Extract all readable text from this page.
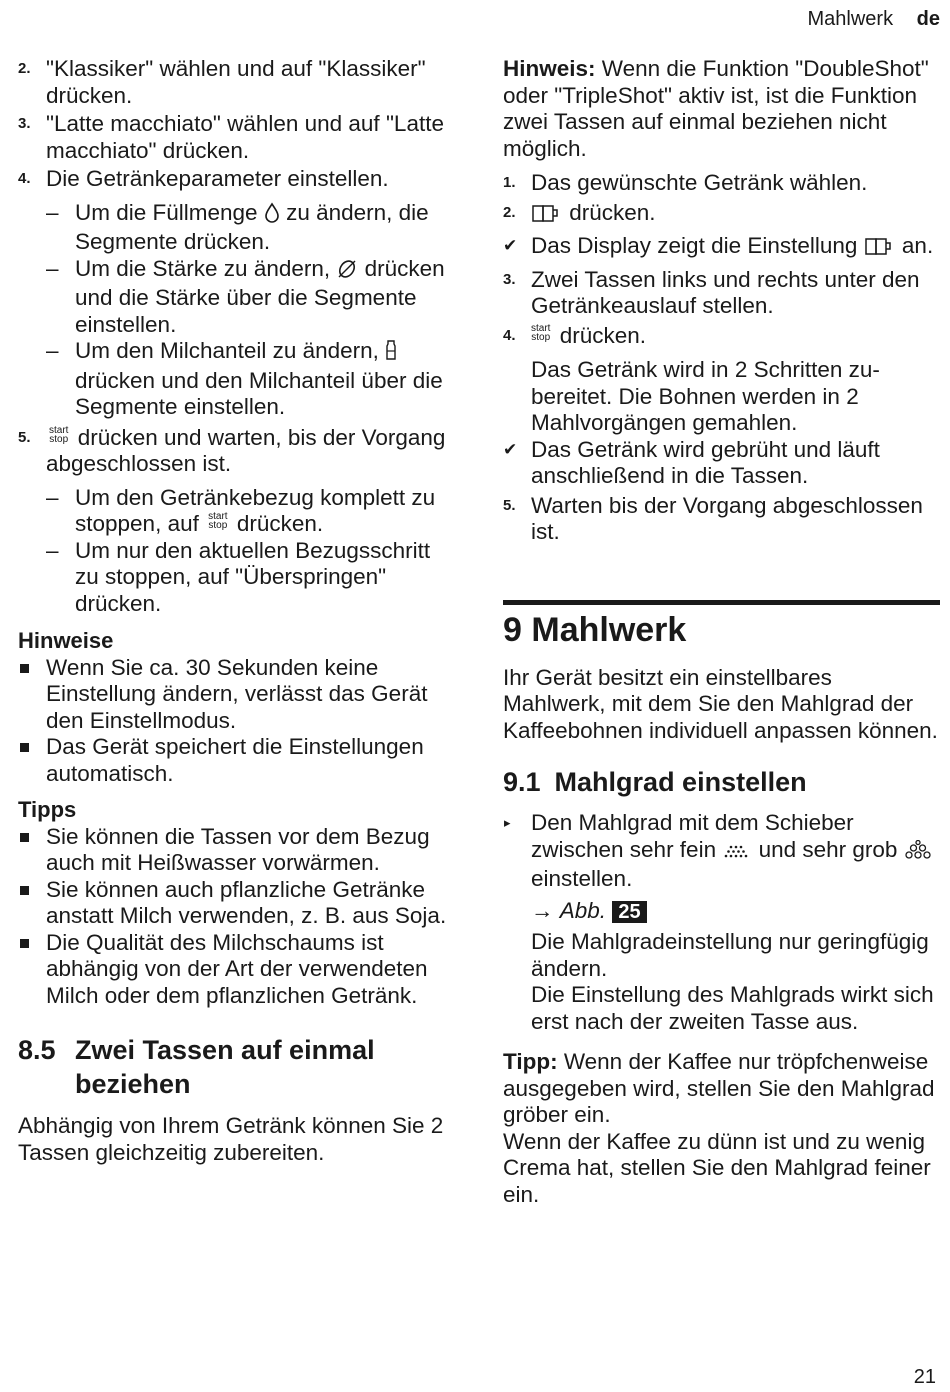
Mahlwerk de
2. "Klassiker" wählen und auf "Klassiker" drücken.
3. "Latte macchiato" wählen und auf "Latte macchiato" drücken.
4. Die Getränkeparameter einstellen.
– Um die Füllmenge  zu ändern, die Segmente drücken.
– Um die Stärke zu ändern,  drücken und die Stärke über die Segmente einstellen.
– Um den Milchanteil zu ändern,  drücken und den Milchanteil über die Segmente einstellen.
5. start
stop drücken und warten, bis der Vorgang abgeschlossen ist.
– Um den Getränkebezug komplett zu stoppen, auf start
stop drücken.
– Um nur den aktuellen Bezugsschritt zu stoppen, auf "Überspringen" drücken.
Hinweise
Wenn Sie ca. 30 Sekunden keine Einstellung ändern, verlässt das Gerät den Einstellmodus.
Das Gerät speichert die Einstellungen automatisch.
Tipps
Sie können die Tassen vor dem Bezug auch mit Heißwasser vorwärmen.
Sie können auch pflanzliche Getränke anstatt Milch verwenden, z. B. aus Soja.
Die Qualität des Milchschaums ist abhängig von der Art der verwendeten Milch oder dem pflanzlichen Getränk.
8.5 Zwei Tassen auf einmal beziehen
Abhängig von Ihrem Getränk können Sie 2 Tassen gleichzeitig zubereiten.
Hinweis: Wenn die Funktion "DoubleShot" oder "TripleShot" aktiv ist, ist die Funktion zwei Tassen auf einmal beziehen nicht möglich.
1. Das gewünschte Getränk wählen.
2. drücken.
✔ Das Display zeigt die Einstellung  an.
3. Zwei Tassen links und rechts unter den Getränkeauslauf stellen.
4. start
stop drücken.
Das Getränk wird in 2 Schritten zubereitet. Die Bohnen werden in 2 Mahlvorgängen gemahlen.
✔ Das Getränk wird gebrüht und läuft anschließend in die Tassen.
5. Warten bis der Vorgang abgeschlossen ist.
9 Mahlwerk
Ihr Gerät besitzt ein einstellbares Mahlwerk, mit dem Sie den Mahlgrad der Kaffeebohnen individuell anpassen können.
9.1 Mahlgrad einstellen
▸ Den Mahlgrad mit dem Schieber zwischen sehr fein  und sehr grob  einstellen.
→ Abb. 25
Die Mahlgradeinstellung nur geringfügig ändern.
Die Einstellung des Mahlgrads wirkt sich erst nach der zweiten Tasse aus.
Tipp: Wenn der Kaffee nur tröpfchenweise ausgegeben wird, stellen Sie den Mahlgrad gröber ein.
Wenn der Kaffee zu dünn ist und zu wenig Crema hat, stellen Sie den Mahlgrad feiner ein.
21
